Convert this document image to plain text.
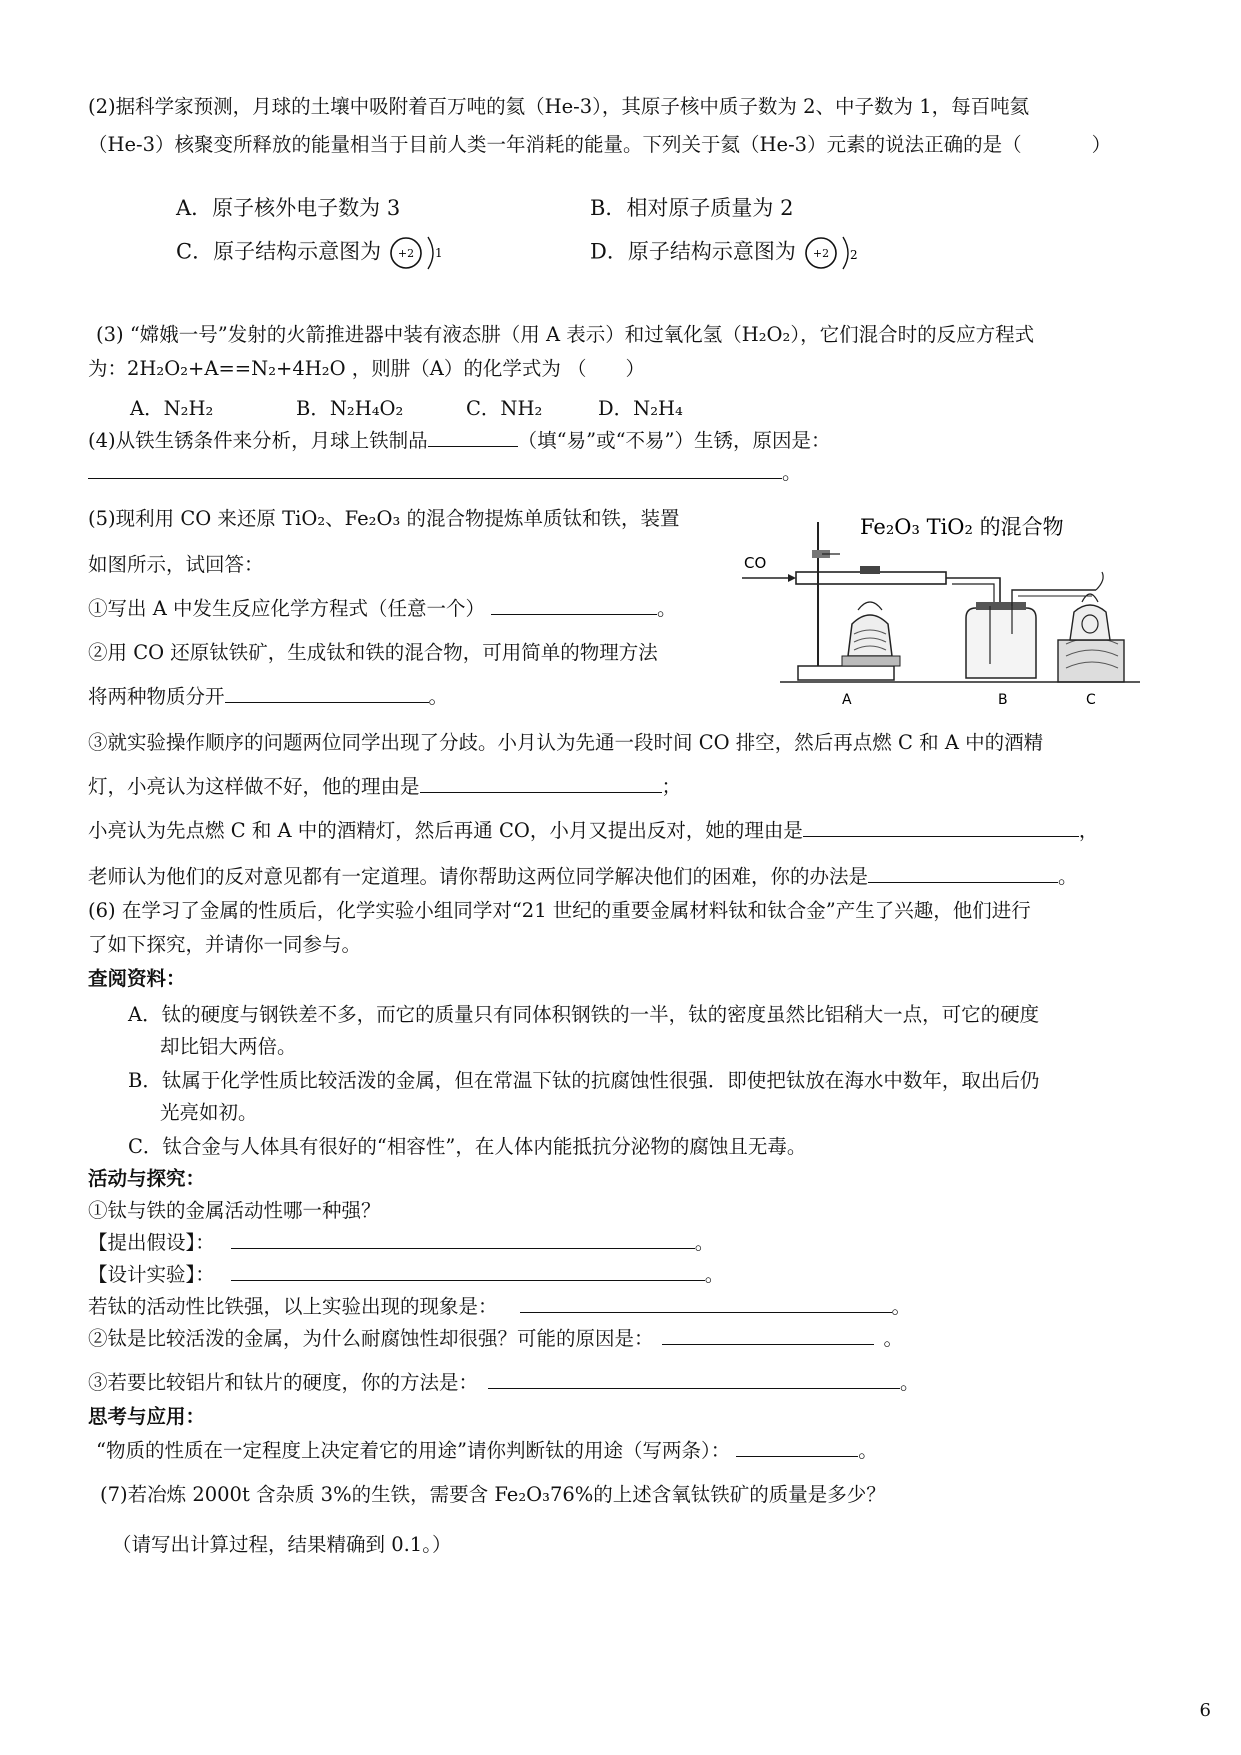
(2)据科学家预测，月球的土壤中吸附着百万吨的氦（He-3），其原子核中质子数为 2、中子数为 1，每百吨氦
（He-3）核聚变所释放的能量相当于目前人类一年消耗的能量。下列关于氦（He-3）元素的说法正确的是（	）
A．原子核外电子数为 3	B．相对原子质量为 2
C．原子结构示意图为 +2 1	D．原子结构示意图为 +2 2
(3) “嫦娥一号”发射的火箭推进器中装有液态肼（用 A 表示）和过氧化氢（H₂O₂），它们混合时的反应方程式
为：2H₂O₂+A==N₂+4H₂O ，则肼（A）的化学式为 （　　）
A．N₂H₂	B．N₂H₄O₂	C．NH₂	D．N₂H₄
(4)从铁生锈条件来分析，月球上铁制品	（填“易”或“不易”）生锈，原因是：
。
(5)现利用 CO 来还原 TiO₂、Fe₂O₃ 的混合物提炼单质钛和铁，装置
如图所示，试回答：
①写出 A 中发生反应化学方程式（任意一个）	。
②用 CO 还原钛铁矿，生成钛和铁的混合物，可用简单的物理方法
将两种物质分开	。
Fe₂O₃ TiO₂ 的混合物
CO
A	B	C
③就实验操作顺序的问题两位同学出现了分歧。小月认为先通一段时间 CO 排空，然后再点燃 C 和 A 中的酒精
灯，小亮认为这样做不好，他的理由是	；
小亮认为先点燃 C 和 A 中的酒精灯，然后再通 CO，小月又提出反对，她的理由是	，
老师认为他们的反对意见都有一定道理。请你帮助这两位同学解决他们的困难，你的办法是	。
(6) 在学习了金属的性质后，化学实验小组同学对“21 世纪的重要金属材料钛和钛合金”产生了兴趣，他们进行
了如下探究，并请你一同参与。
查阅资料：
A．钛的硬度与钢铁差不多，而它的质量只有同体积钢铁的一半，钛的密度虽然比铝稍大一点，可它的硬度
却比铝大两倍。
B．钛属于化学性质比较活泼的金属，但在常温下钛的抗腐蚀性很强．即使把钛放在海水中数年，取出后仍
光亮如初。
C．钛合金与人体具有很好的“相容性”，在人体内能抵抗分泌物的腐蚀且无毒。
活动与探究：
①钛与铁的金属活动性哪一种强？
【提出假设】：	。
【设计实验】：	。
若钛的活动性比铁强，以上实验出现的现象是：	。
②钛是比较活泼的金属，为什么耐腐蚀性却很强？可能的原因是：	。
③若要比较铝片和钛片的硬度，你的方法是：	。
思考与应用：
“物质的性质在一定程度上决定着它的用途”请你判断钛的用途（写两条）：	。
(7)若冶炼 2000t 含杂质 3%的生铁，需要含 Fe₂O₃76%的上述含氧钛铁矿的质量是多少？
（请写出计算过程，结果精确到 0.1。）
6
